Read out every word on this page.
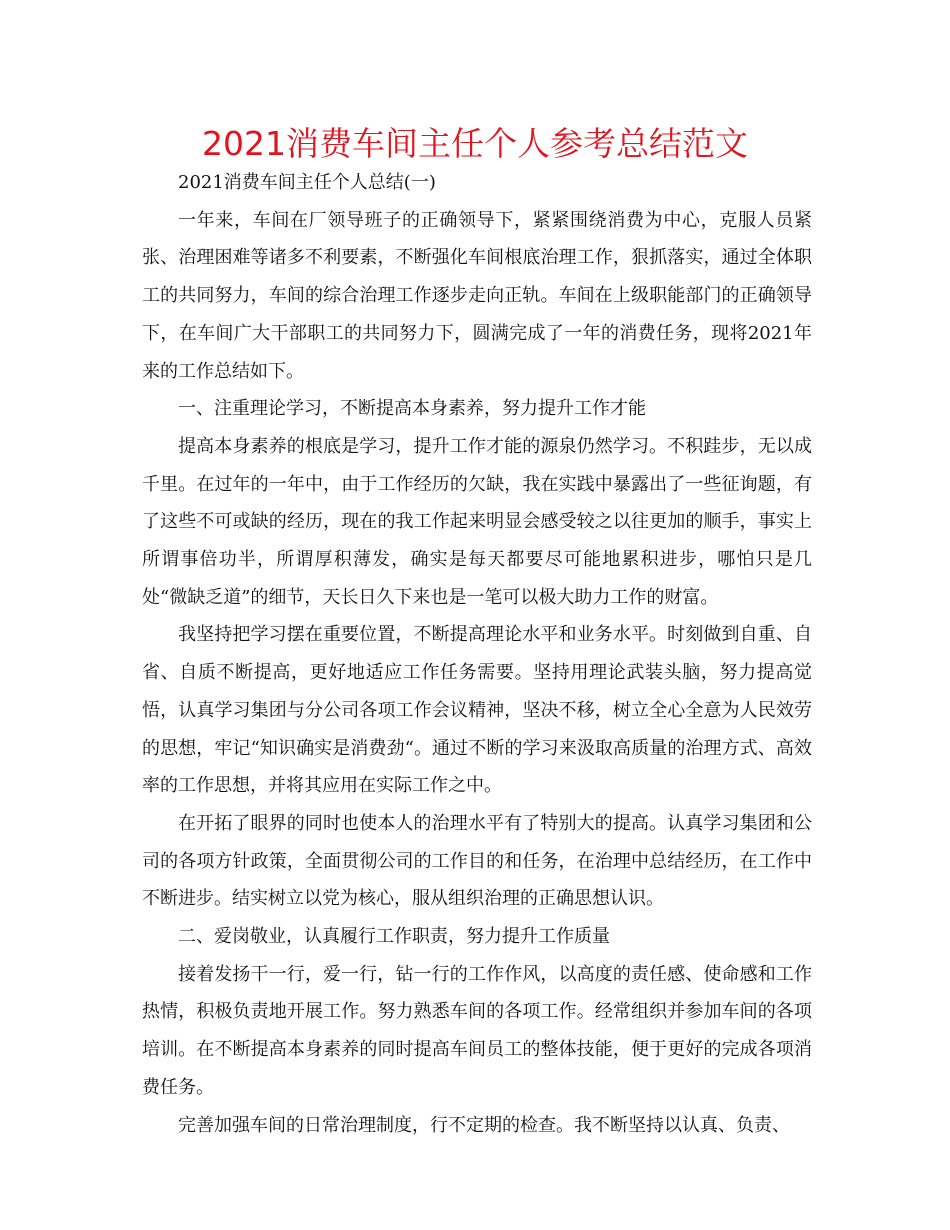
2021消费车间主任个人参考总结范文

2021消费车间主任个人总结(一)

一年来，车间在厂领导班子的正确领导下，紧紧围绕消费为中心，克服人员紧张、治理困难等诸多不利要素，不断强化车间根底治理工作，狠抓落实，通过全体职工的共同努力，车间的综合治理工作逐步走向正轨。车间在上级职能部门的正确领导下，在车间广大干部职工的共同努力下，圆满完成了一年的消费任务，现将2021年来的工作总结如下。

一、注重理论学习，不断提高本身素养，努力提升工作才能

提高本身素养的根底是学习，提升工作才能的源泉仍然学习。不积跬步，无以成千里。在过年的一年中，由于工作经历的欠缺，我在实践中暴露出了一些征询题，有了这些不可或缺的经历，现在的我工作起来明显会感受较之以往更加的顺手，事实上所谓事倍功半，所谓厚积薄发，确实是每天都要尽可能地累积进步，哪怕只是几处“微缺乏道”的细节，天长日久下来也是一笔可以极大助力工作的财富。

我坚持把学习摆在重要位置，不断提高理论水平和业务水平。时刻做到自重、自省、自质不断提高，更好地适应工作任务需要。坚持用理论武装头脑，努力提高觉悟，认真学习集团与分公司各项工作会议精神，坚决不移，树立全心全意为人民效劳的思想，牢记“知识确实是消费劲“。通过不断的学习来汲取高质量的治理方式、高效率的工作思想，并将其应用在实际工作之中。

在开拓了眼界的同时也使本人的治理水平有了特别大的提高。认真学习集团和公司的各项方针政策，全面贯彻公司的工作目的和任务，在治理中总结经历，在工作中不断进步。结实树立以党为核心，服从组织治理的正确思想认识。

二、爱岗敬业，认真履行工作职责，努力提升工作质量

接着发扬干一行，爱一行，钻一行的工作作风，以高度的责任感、使命感和工作热情，积极负责地开展工作。努力熟悉车间的各项工作。经常组织并参加车间的各项培训。在不断提高本身素养的同时提高车间员工的整体技能，便于更好的完成各项消费任务。

完善加强车间的日常治理制度，行不定期的检查。我不断坚持以认真、负责、
